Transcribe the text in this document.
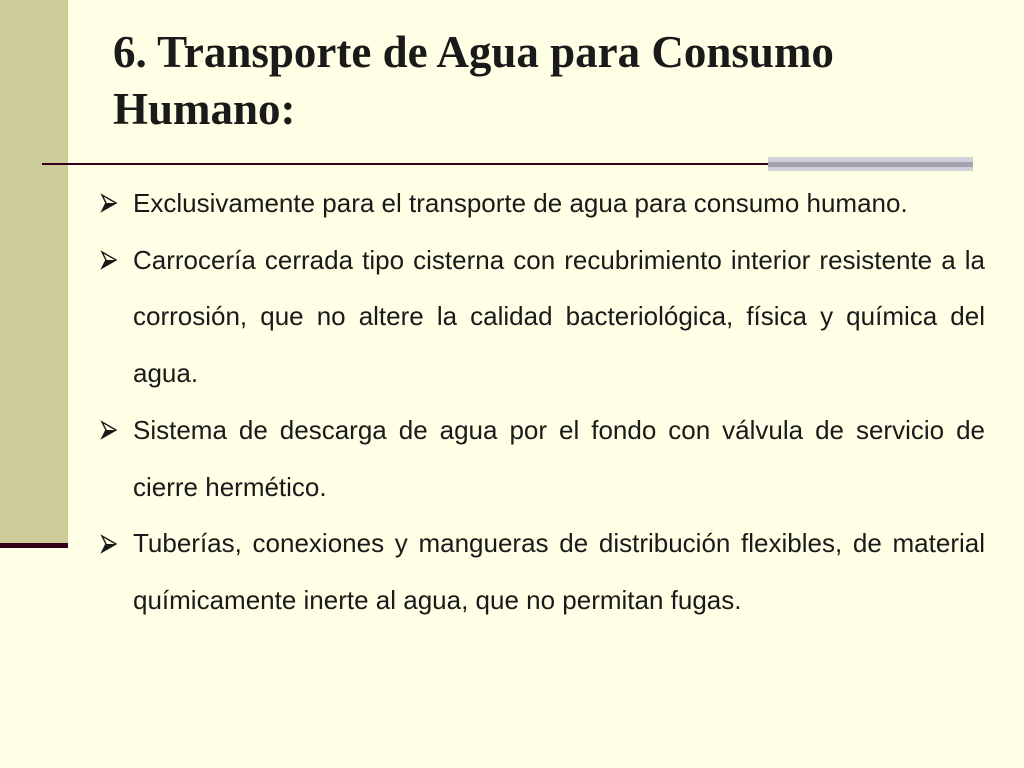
6. Transporte de Agua para Consumo Humano:
Exclusivamente para el transporte de agua para consumo humano.
Carrocería cerrada tipo cisterna con recubrimiento interior resistente a la corrosión, que no altere la calidad bacteriológica, física y química del agua.
Sistema de descarga de agua por el fondo con válvula de servicio de cierre hermético.
Tuberías, conexiones y mangueras de distribución flexibles, de material químicamente inerte al agua, que no permitan fugas.
